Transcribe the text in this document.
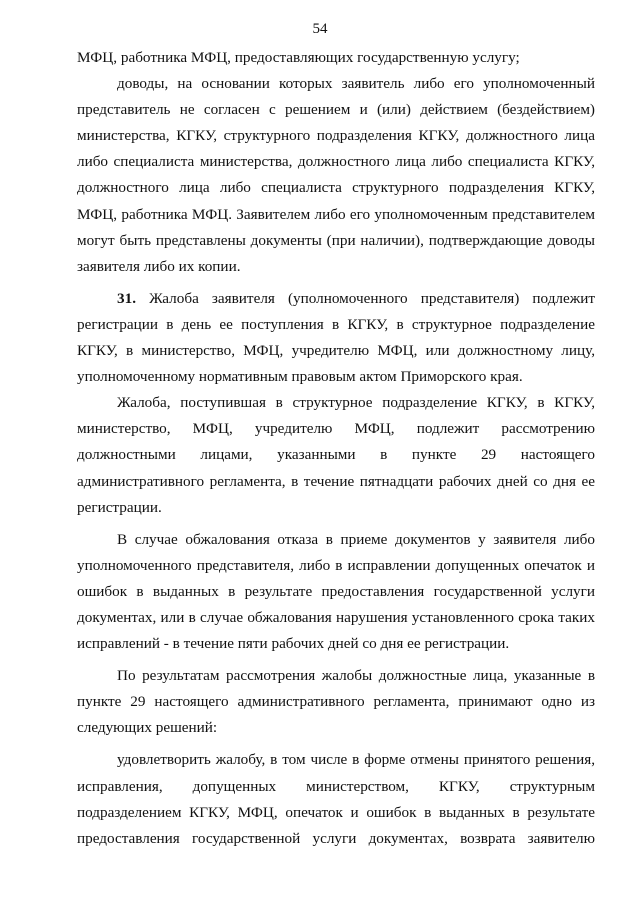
54

МФЦ, работника МФЦ, предоставляющих государственную услугу;

доводы, на основании которых заявитель либо его уполномоченный представитель не согласен с решением и (или) действием (бездействием) министерства, КГКУ, структурного подразделения КГКУ, должностного лица либо специалиста министерства, должностного лица либо специалиста КГКУ, должностного лица либо специалиста структурного подразделения КГКУ, МФЦ, работника МФЦ. Заявителем либо его уполномоченным представителем могут быть представлены документы (при наличии), подтверждающие доводы заявителя либо их копии.

31. Жалоба заявителя (уполномоченного представителя) подлежит регистрации в день ее поступления в КГКУ, в структурное подразделение КГКУ, в министерство, МФЦ, учредителю МФЦ, или должностному лицу, уполномоченному нормативным правовым актом Приморского края.

Жалоба, поступившая в структурное подразделение КГКУ, в КГКУ, министерство, МФЦ, учредителю МФЦ, подлежит рассмотрению должностными лицами, указанными в пункте 29 настоящего административного регламента, в течение пятнадцати рабочих дней со дня ее регистрации.

В случае обжалования отказа в приеме документов у заявителя либо уполномоченного представителя, либо в исправлении допущенных опечаток и ошибок в выданных в результате предоставления государственной услуги документах, или в случае обжалования нарушения установленного срока таких исправлений - в течение пяти рабочих дней со дня ее регистрации.

По результатам рассмотрения жалобы должностные лица, указанные в пункте 29 настоящего административного регламента, принимают одно из следующих решений:

удовлетворить жалобу, в том числе в форме отмены принятого решения, исправления, допущенных министерством, КГКУ, структурным подразделением КГКУ, МФЦ, опечаток и ошибок в выданных в результате предоставления государственной услуги документах, возврата заявителю
